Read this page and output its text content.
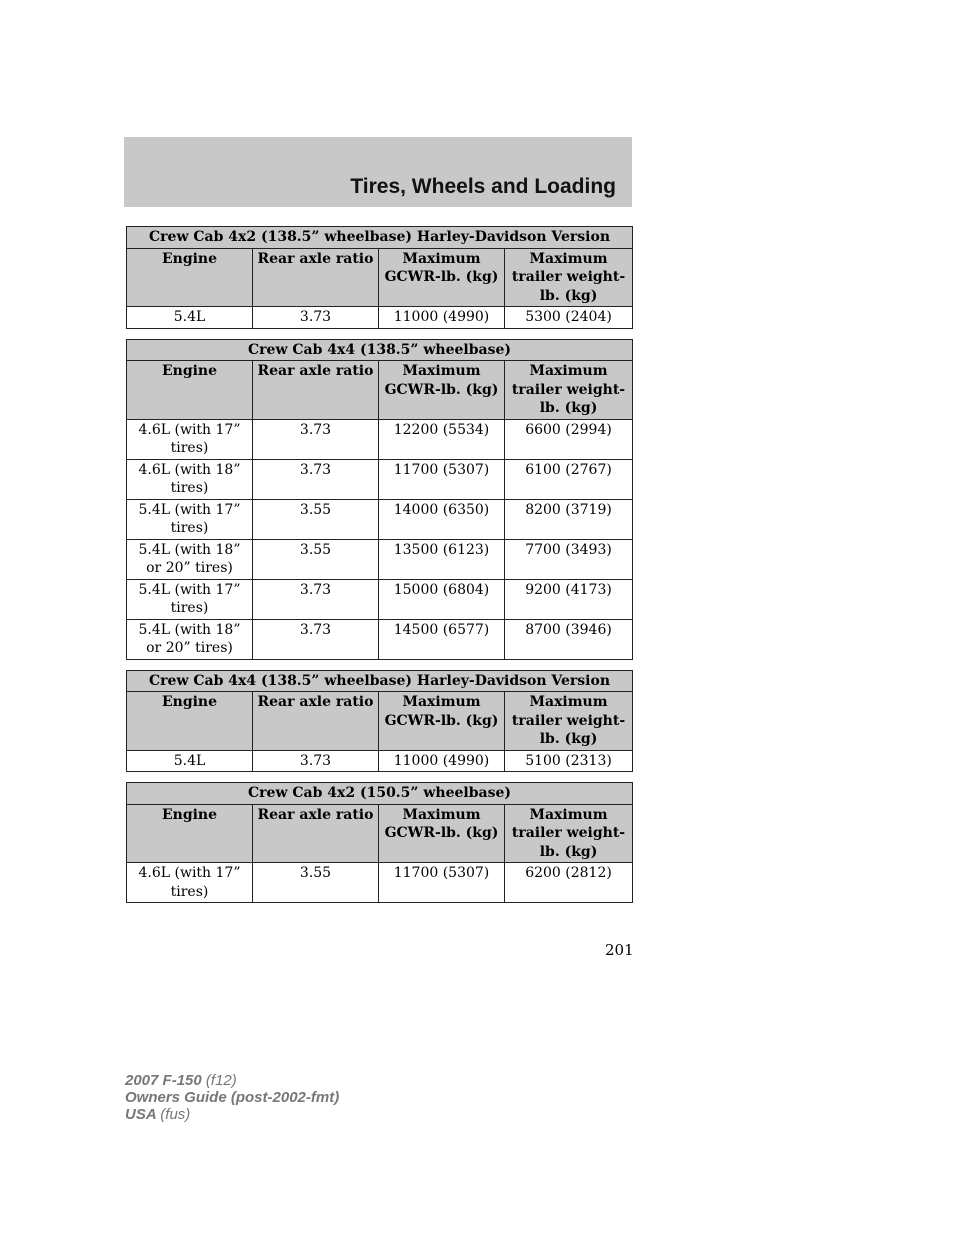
Tires, Wheels and Loading
Crew Cab 4x2 (138.5” wheelbase) Harley-Davidson Version			
Engine	Rear axle ratio	Maximum GCWR-lb. (kg)	Maximum trailer weight-lb. (kg)
5.4L	3.73	11000 (4990)	5300 (2404)
Crew Cab 4x4 (138.5” wheelbase)			
Engine	Rear axle ratio	Maximum GCWR-lb. (kg)	Maximum trailer weight-lb. (kg)
4.6L (with 17” tires)	3.73	12200 (5534)	6600 (2994)
4.6L (with 18” tires)	3.73	11700 (5307)	6100 (2767)
5.4L (with 17” tires)	3.55	14000 (6350)	8200 (3719)
5.4L (with 18” or 20” tires)	3.55	13500 (6123)	7700 (3493)
5.4L (with 17” tires)	3.73	15000 (6804)	9200 (4173)
5.4L (with 18” or 20” tires)	3.73	14500 (6577)	8700 (3946)
Crew Cab 4x4 (138.5” wheelbase) Harley-Davidson Version			
Engine	Rear axle ratio	Maximum GCWR-lb. (kg)	Maximum trailer weight-lb. (kg)
5.4L	3.73	11000 (4990)	5100 (2313)
Crew Cab 4x2 (150.5” wheelbase)			
Engine	Rear axle ratio	Maximum GCWR-lb. (kg)	Maximum trailer weight-lb. (kg)
4.6L (with 17” tires)	3.55	11700 (5307)	6200 (2812)
201
2007 F-150 (f12)
Owners Guide (post-2002-fmt)
USA (fus)
